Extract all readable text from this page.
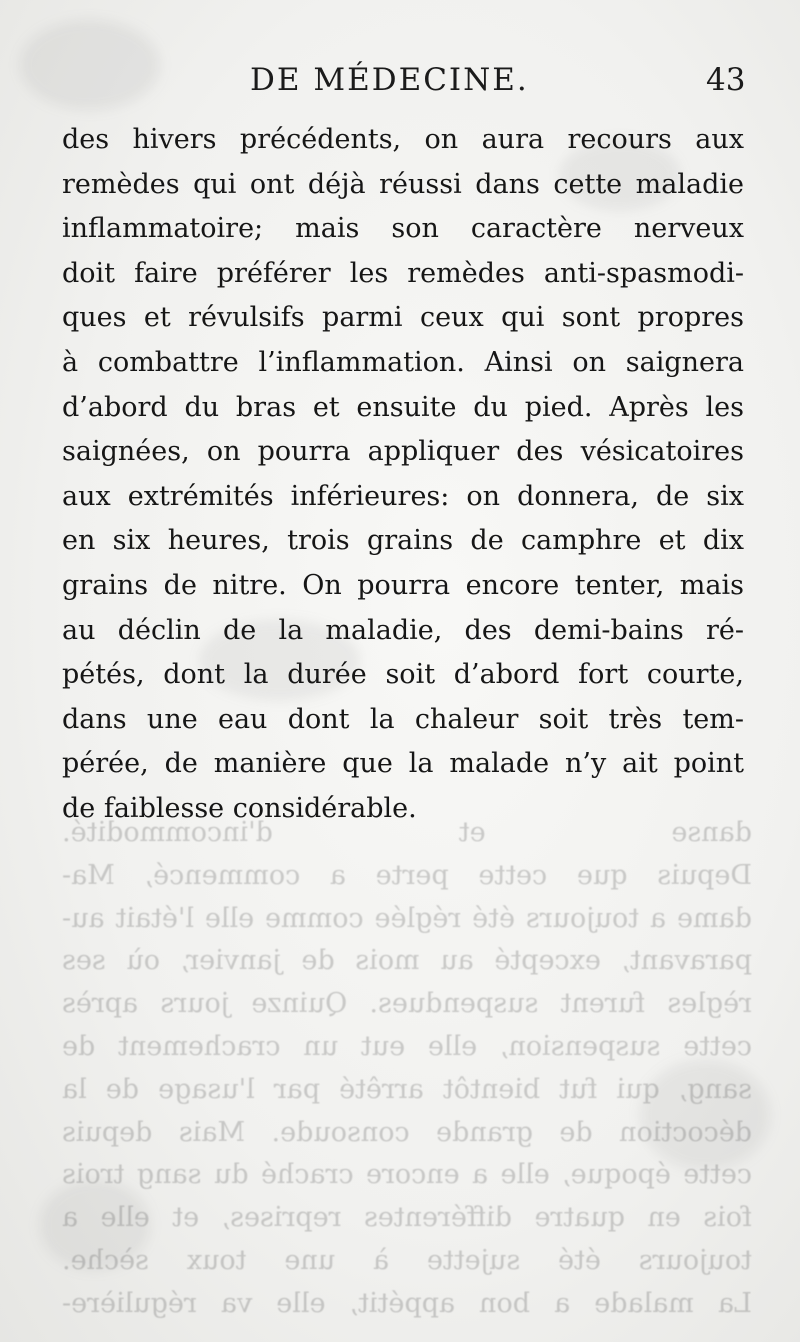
DE MÉDECINE.	43
des hivers précédents, on aura recours aux
remèdes qui ont déjà réussi dans cette maladie
inflammatoire; mais son caractère nerveux
doit faire préférer les remèdes anti-spasmodi-
ques et révulsifs parmi ceux qui sont propres
à combattre l’inflammation. Ainsi on saignera
d’abord du bras et ensuite du pied. Après les
saignées, on pourra appliquer des vésicatoires
aux extrémités inférieures: on donnera, de six
en six heures, trois grains de camphre et dix
grains de nitre. On pourra encore tenter, mais
au déclin de la maladie, des demi-bains ré-
pétés, dont la durée soit d’abord fort courte,
dans une eau dont la chaleur soit très tem-
pérée, de manière que la malade n’y ait point
de faiblesse considérable.
danse et d'incommodité.
Depuis que cette perte a commencé, Ma-
dame a toujours été réglée comme elle l'était au-
paravant, excepté au mois de janvier, où ses
règles furent suspendues. Quinze jours après
cette suspension, elle eut un crachement de
sang, qui fut bientôt arrêté par l'usage de la
décoction de grande consoude. Mais depuis
cette époque, elle a encore craché du sang trois
fois en quatre différentes reprises, et elle a
toujours été sujette à une toux sèche.
La malade a bon appétit, elle va régulière-
